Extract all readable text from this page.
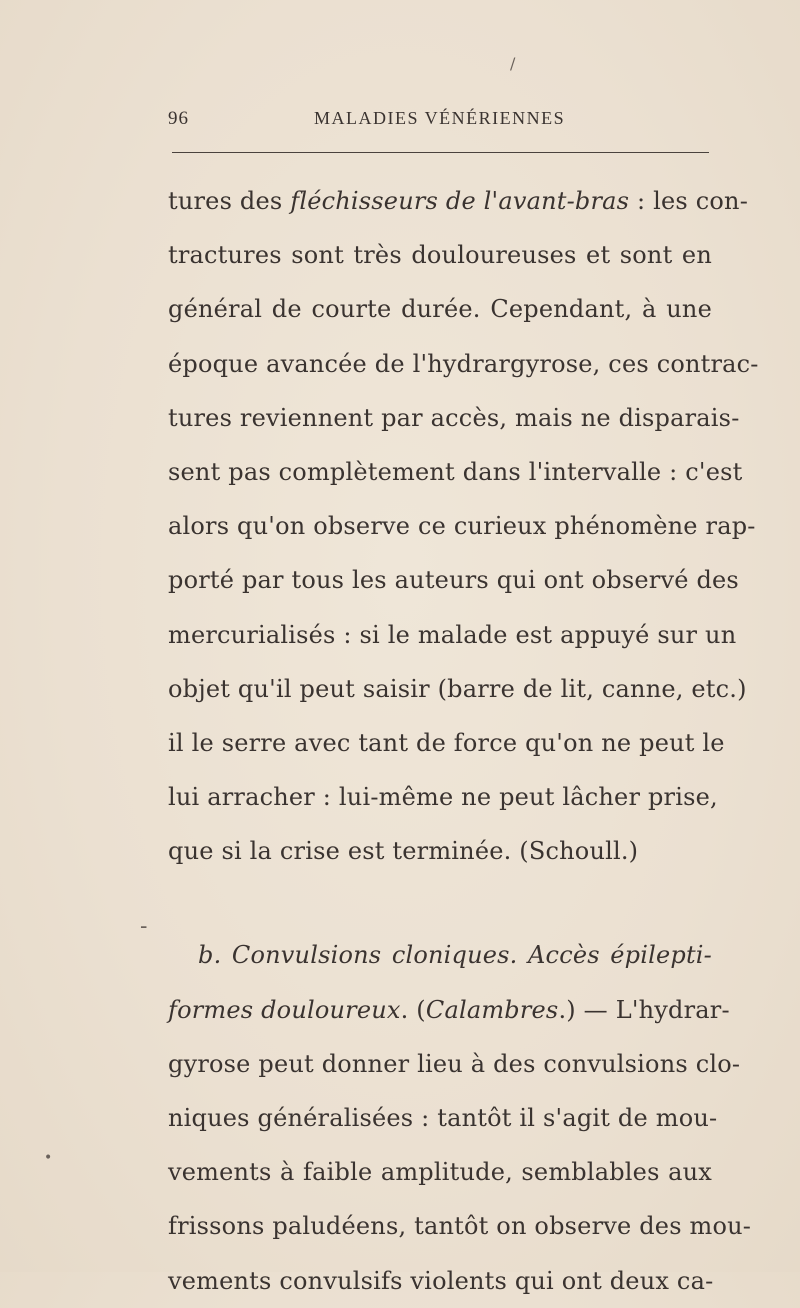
/
96	MALADIES VÉNÉRIENNES
tures des fléchisseurs de l'avant-bras : les con-
tractures sont très douloureuses et sont en
général de courte durée. Cependant, à une
époque avancée de l'hydrargyrose, ces contrac-
tures reviennent par accès, mais ne disparais-
sent pas complètement dans l'intervalle : c'est
alors qu'on observe ce curieux phénomène rap-
porté par tous les auteurs qui ont observé des
mercurialisés : si le malade est appuyé sur un
objet qu'il peut saisir (barre de lit, canne, etc.)
il le serre avec tant de force qu'on ne peut le
lui arracher : lui-même ne peut lâcher prise,
que si la crise est terminée. (Schoull.)
b. Convulsions cloniques. Accès épilepti-
formes douloureux. (Calambres.) — L'hydrar-
gyrose peut donner lieu à des convulsions clo-
niques généralisées : tantôt il s'agit de mou-
vements à faible amplitude, semblables aux
frissons paludéens, tantôt on observe des mou-
vements convulsifs violents qui ont deux ca-
-
•
